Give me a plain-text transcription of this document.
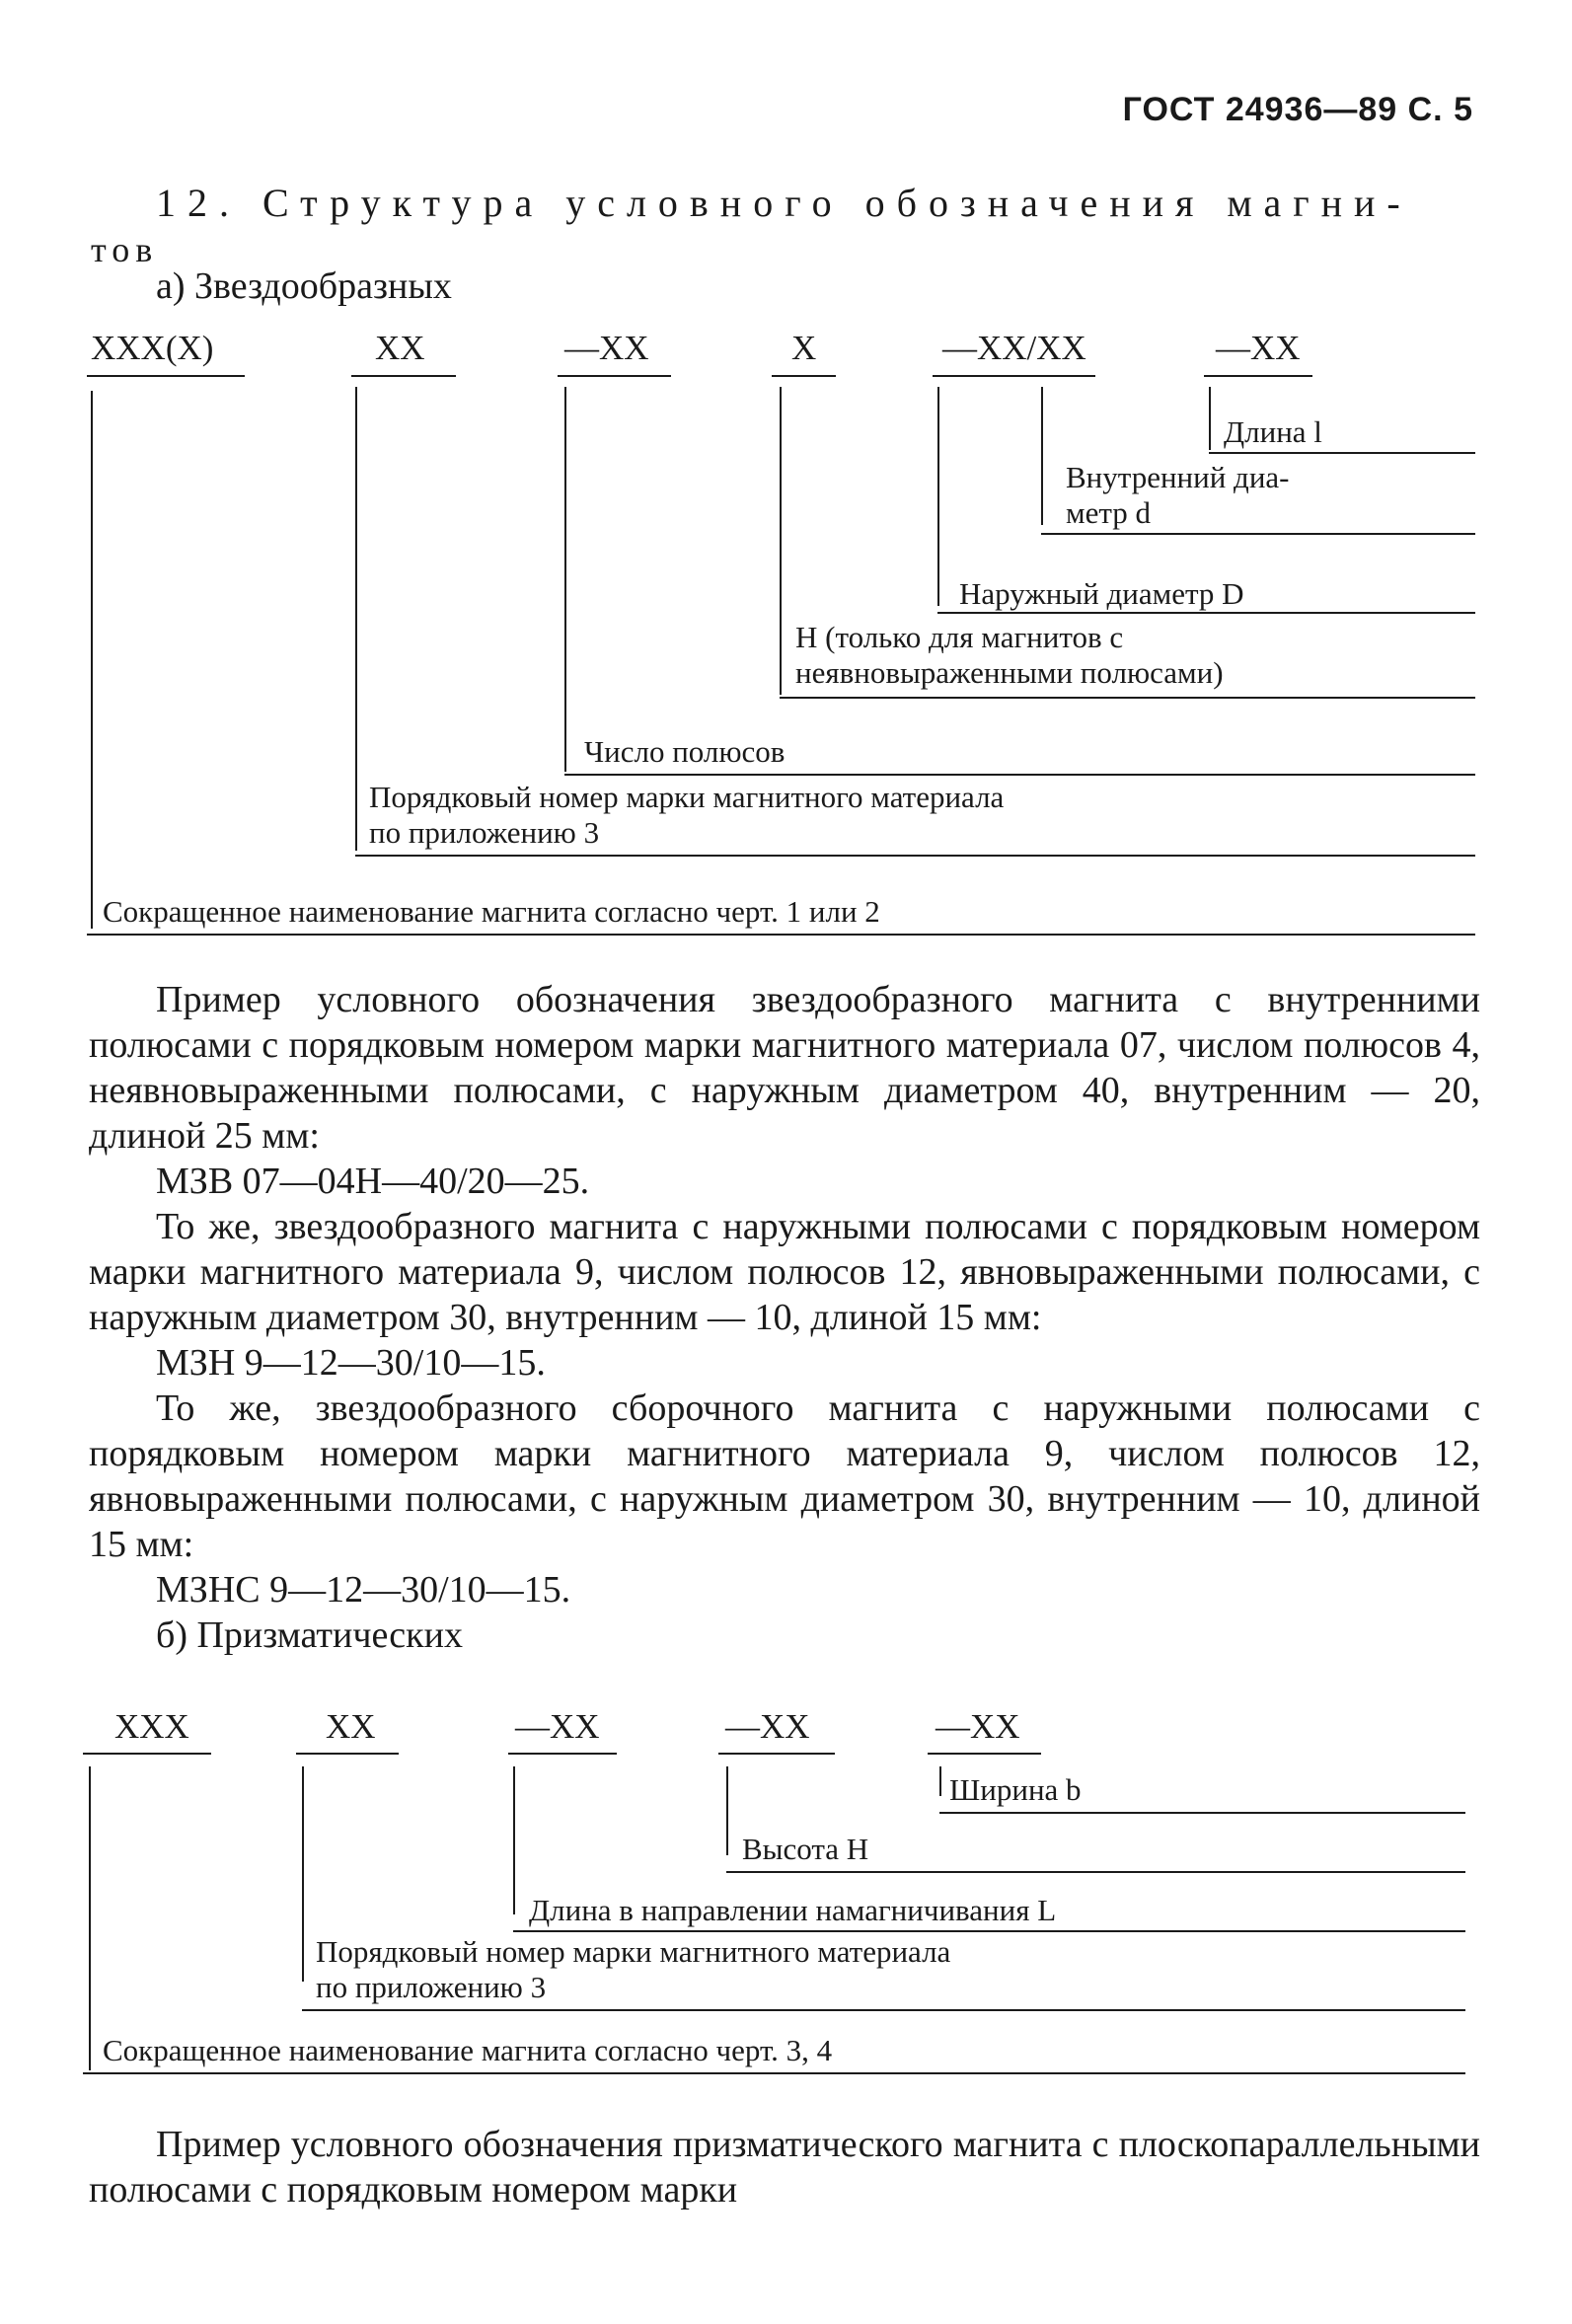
ГОСТ 24936—89 С. 5
12. Структура условного обозначения магни-
тов
а) Звездообразных
XXX(X)	XX	—XX	X	—XX/XX	—XX
Длина l
Внутренний диа-
метр d
Наружный диаметр D
H (только для магнитов с
неявновыраженными полюсами)
Число полюсов
Порядковый номер марки магнитного материала
по приложению 3
Сокращенное наименование магнита согласно черт. 1 или 2

Пример условного обозначения звездообразного магнита с внутренними полюсами с порядковым номером марки магнитного материала 07, числом полюсов 4, неявновыраженными полюсами, с наружным диаметром 40, внутренним — 20, длиной 25 мм:

МЗВ 07—04Н—40/20—25.

То же, звездообразного магнита с наружными полюсами с порядковым номером марки магнитного материала 9, числом полюсов 12, явновыраженными полюсами, с наружным диаметром 30, внутренним — 10, длиной 15 мм:

МЗН 9—12—30/10—15.

То же, звездообразного сборочного магнита с наружными полюсами с порядковым номером марки магнитного материала 9, числом полюсов 12, явновыраженными полюсами, с наружным диаметром 30, внутренним — 10, длиной 15 мм:

МЗНС 9—12—30/10—15.

б) Призматических

XXX	XX	—XX	—XX	—XX
Ширина b
Высота H
Длина в направлении намагничивания L
Порядковый номер марки магнитного материала
по приложению 3
Сокращенное наименование магнита согласно черт. 3, 4

Пример условного обозначения призматического магнита с плоскопараллельными полюсами с порядковым номером марки
